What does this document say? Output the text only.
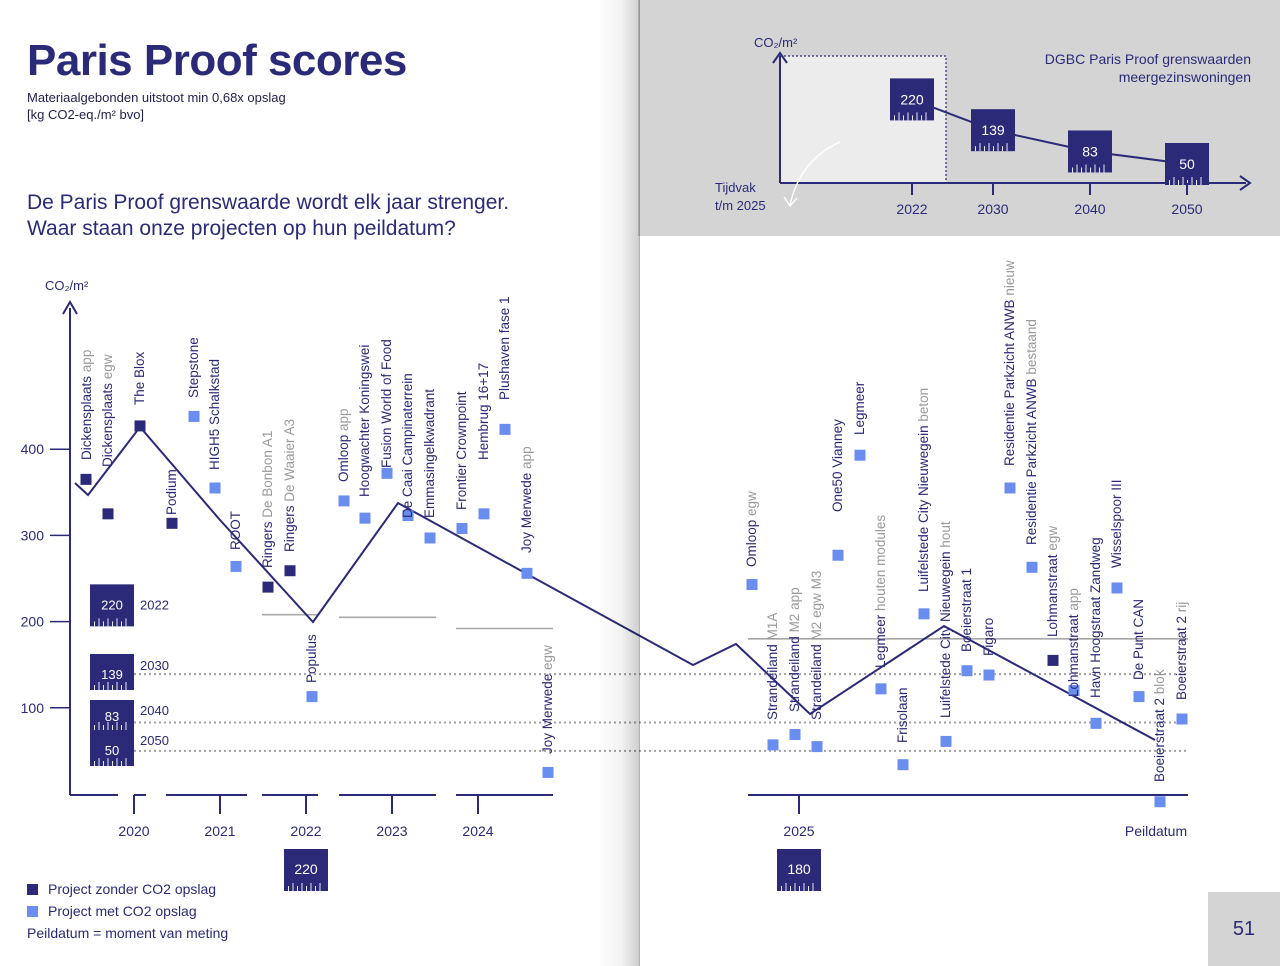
Paris Proof scores
Materiaalgebonden uitstoot min 0,68x opslag
[kg CO2-eq./m² bvo]
De Paris Proof grenswaarde wordt elk jaar strenger.
Waar staan onze projecten op hun peildatum?
CO₂/m²
100
200
300
400
220 2022
139
2030
83 2040
50
2050
2020	2021	2022	2023	2024	2025	Peildatum
220	180
Dickensplaats app
Dickensplaats egw The Blox
Podium
Stepstone HIGH5 Schalkstad
ROOT Ringers De Bonbon A1
Ringers De Waaier A3
Populus
Omloop app Hoogwachter Koningswei Fusion World of Food De Caai Campinaterrein Emmasingelkwadrant Frontier Crownpoint Hembrug 16+17
Plushaven fase 1
Joy Merwede app
Joy Merwede egw
Omloop egw
Strandeiland M1A
Strandeiland M2 app
Strandeiland M2 egw M3
One50 Vianney
Legmeer
Legmeer houten modules
Frisolaan
Luifelstede City Nieuwegein beton
Luifelstede City Nieuwegein hout
Boeierstraat 1 Figaro
Residentie Parkzicht ANWB nieuw
Residentie Parkzicht ANWB bestaand
Lohmanstraat egw
Lohmanstraat app Havn Hoogstraat Zandweg
Wisselspoor III
De Punt CAN
Boeierstraat 2 blok Boeierstraat 2 rij
CO₂/m²
DGBC Paris Proof grenswaarden
meergezinswoningen
Tijdvak
t/m 2025
220
2022
139
2030
83
2040
50
2050
Project zonder CO2 opslag
Project met CO2 opslag
Peildatum = moment van meting	51
